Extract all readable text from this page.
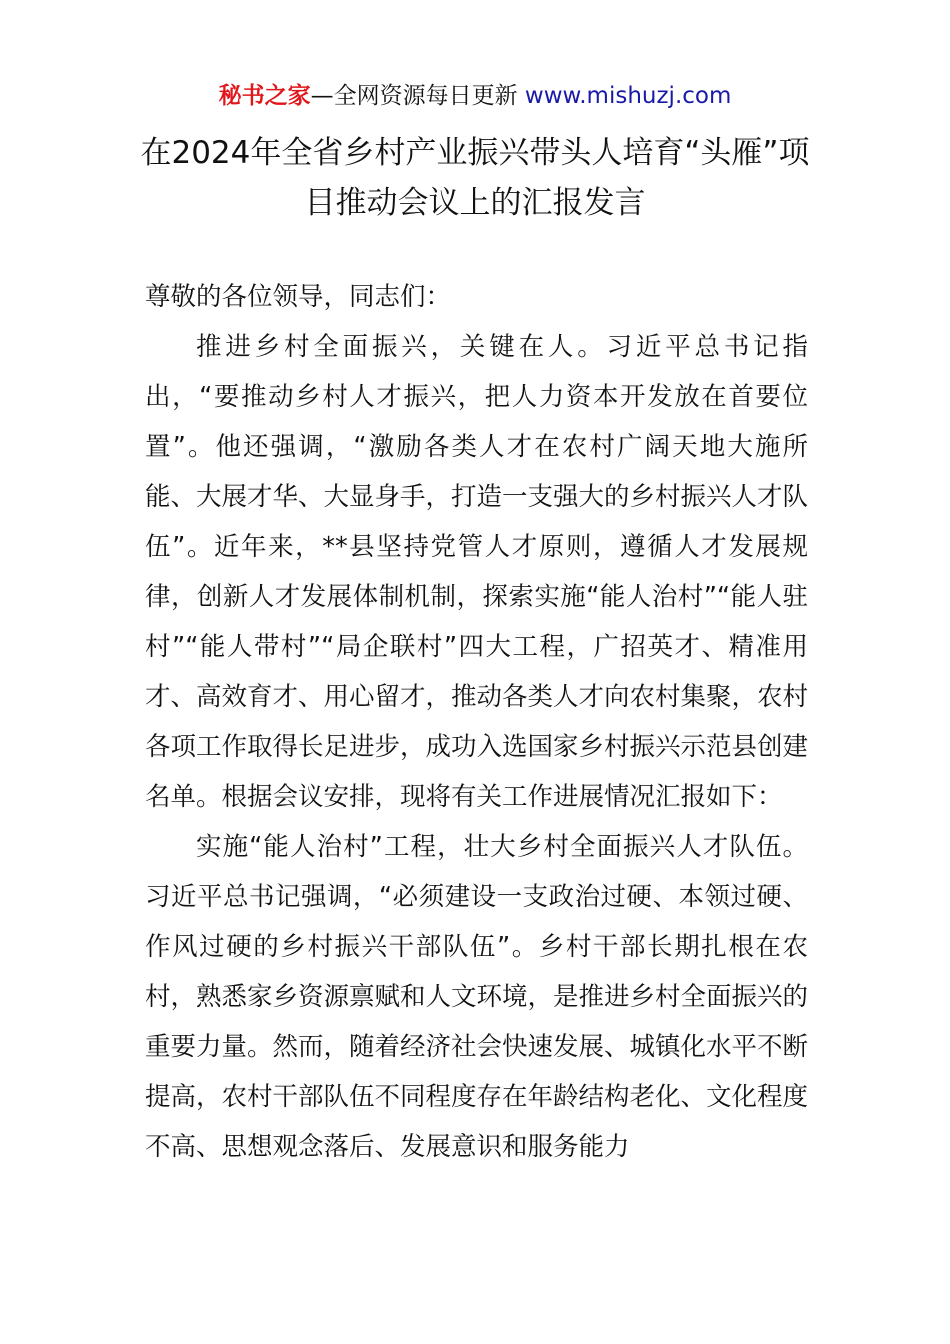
秘书之家—全网资源每日更新 www.mishuzj.com
在2024年全省乡村产业振兴带头人培育“头雁”项目推动会议上的汇报发言

尊敬的各位领导，同志们：

推进乡村全面振兴，关键在人。习近平总书记指出，“要推动乡村人才振兴，把人力资本开发放在首要位置”。他还强调，“激励各类人才在农村广阔天地大施所能、大展才华、大显身手，打造一支强大的乡村振兴人才队伍”。近年来，**县坚持党管人才原则，遵循人才发展规律，创新人才发展体制机制，探索实施“能人治村”“能人驻村”“能人带村”“局企联村”四大工程，广招英才、精准用才、高效育才、用心留才，推动各类人才向农村集聚，农村各项工作取得长足进步，成功入选国家乡村振兴示范县创建名单。根据会议安排，现将有关工作进展情况汇报如下：

实施“能人治村”工程，壮大乡村全面振兴人才队伍。习近平总书记强调，“必须建设一支政治过硬、本领过硬、作风过硬的乡村振兴干部队伍”。乡村干部长期扎根在农村，熟悉家乡资源禀赋和人文环境，是推进乡村全面振兴的重要力量。然而，随着经济社会快速发展、城镇化水平不断提高，农村干部队伍不同程度存在年龄结构老化、文化程度不高、思想观念落后、发展意识和服务能力
